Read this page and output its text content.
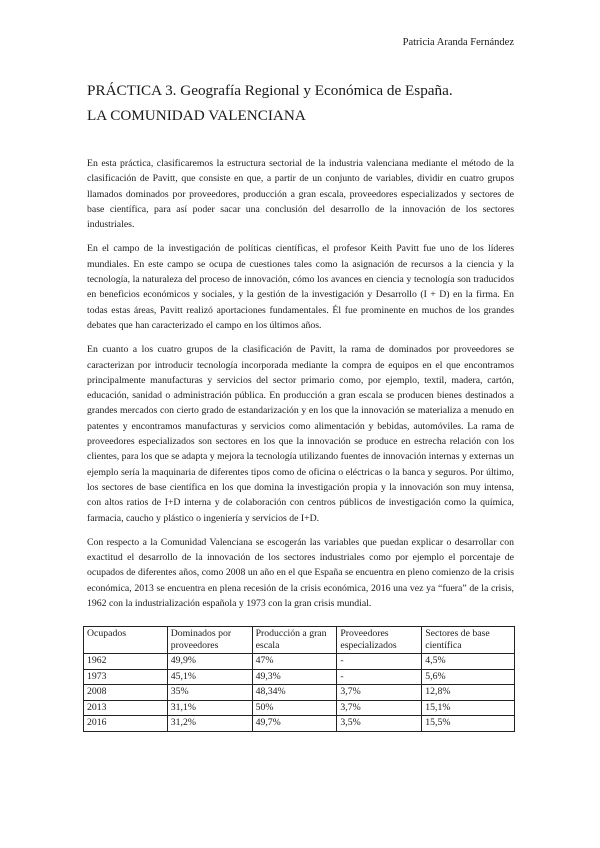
Patricia Aranda Fernández
PRÁCTICA 3. Geografía Regional y Económica de España.
LA COMUNIDAD VALENCIANA

En esta práctica, clasificaremos la estructura sectorial de la industria valenciana mediante el método de la clasificación de Pavitt, que consiste en que, a partir de un conjunto de variables, dividir en cuatro grupos llamados dominados por proveedores, producción a gran escala, proveedores especializados y sectores de base científica, para así poder sacar una conclusión del desarrollo de la innovación de los sectores industriales.

En el campo de la investigación de políticas científicas, el profesor Keith Pavitt fue uno de los líderes mundiales. En este campo se ocupa de cuestiones tales como la asignación de recursos a la ciencia y la tecnología, la naturaleza del proceso de innovación, cómo los avances en ciencia y tecnología son traducidos en beneficios económicos y sociales, y la gestión de la investigación y Desarrollo (I + D) en la firma. En todas estas áreas, Pavitt realizó aportaciones fundamentales. Él fue prominente en muchos de los grandes debates que han caracterizado el campo en los últimos años.

En cuanto a los cuatro grupos de la clasificación de Pavitt, la rama de dominados por proveedores se caracterizan por introducir tecnología incorporada mediante la compra de equipos en el que encontramos principalmente manufacturas y servicios del sector primario como, por ejemplo, textil, madera, cartón, educación, sanidad o administración pública. En producción a gran escala se producen bienes destinados a grandes mercados con cierto grado de estandarización y en los que la innovación se materializa a menudo en patentes y encontramos manufacturas y servicios como alimentación y bebidas, automóviles. La rama de proveedores especializados son sectores en los que la innovación se produce en estrecha relación con los clientes, para los que se adapta y mejora la tecnología utilizando fuentes de innovación internas y externas un ejemplo sería la maquinaria de diferentes tipos como de oficina o eléctricas o la banca y seguros. Por último, los sectores de base científica en los que domina la investigación propia y la innovación son muy intensa, con altos ratios de I+D interna y de colaboración con centros públicos de investigación como la química, farmacia, caucho y plástico o ingeniería y servicios de I+D.

Con respecto a la Comunidad Valenciana se escogerán las variables que puedan explicar o desarrollar con exactitud el desarrollo de la innovación de los sectores industriales como por ejemplo el porcentaje de ocupados de diferentes años, como 2008 un año en el que España se encuentra en pleno comienzo de la crisis económica, 2013 se encuentra en plena recesión de la crisis económica, 2016 una vez ya “fuera” de la crisis, 1962 con la industrialización española y 1973 con la gran crisis mundial.

Ocupados	Dominados por proveedores	Producción a gran escala	Proveedores especializados	Sectores de base científica
1962	49,9%	47%	-	4,5%
1973	45,1%	49,3%	-	5,6%
2008	35%	48,34%	3,7%	12,8%
2013	31,1%	50%	3,7%	15,1%
2016	31,2%	49,7%	3,5%	15,5%
